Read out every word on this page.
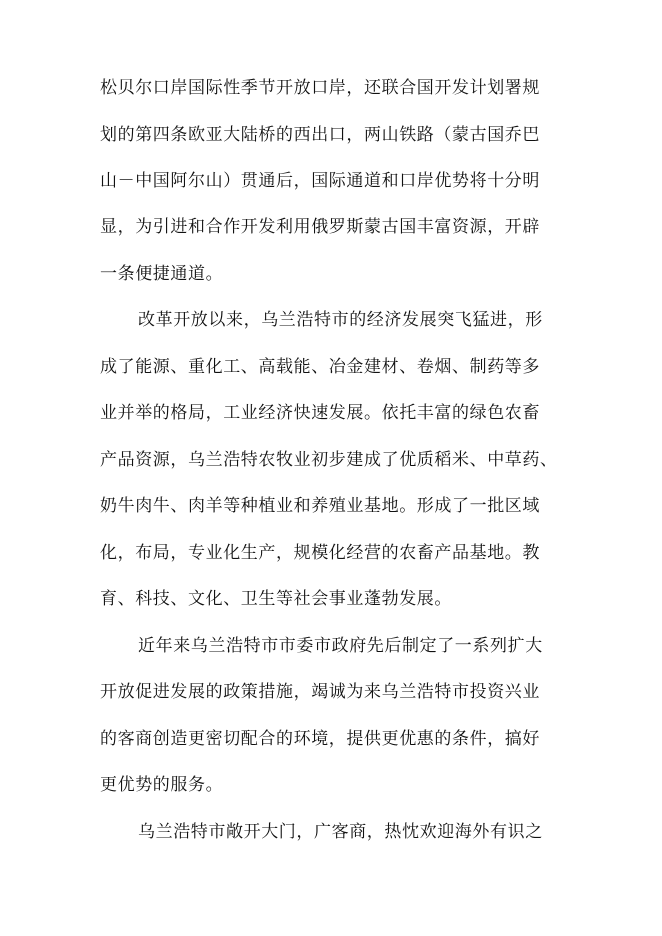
松贝尔口岸国际性季节开放口岸，还联合国开发计划署规
划的第四条欧亚大陆桥的西出口，两山铁路（蒙古国乔巴
山－中国阿尔山）贯通后，国际通道和口岸优势将十分明
显，为引进和合作开发利用俄罗斯蒙古国丰富资源，开辟
一条便捷通道。
改革开放以来，乌兰浩特市的经济发展突飞猛进，形
成了能源、重化工、高载能、冶金建材、卷烟、制药等多
业并举的格局，工业经济快速发展。依托丰富的绿色农畜
产品资源，乌兰浩特农牧业初步建成了优质稻米、中草药、
奶牛肉牛、肉羊等种植业和养殖业基地。形成了一批区域
化，布局，专业化生产，规模化经营的农畜产品基地。教
育、科技、文化、卫生等社会事业蓬勃发展。
近年来乌兰浩特市市委市政府先后制定了一系列扩大
开放促进发展的政策措施，竭诚为来乌兰浩特市投资兴业
的客商创造更密切配合的环境，提供更优惠的条件，搞好
更优势的服务。
乌兰浩特市敞开大门，广客商，热忱欢迎海外有识之
